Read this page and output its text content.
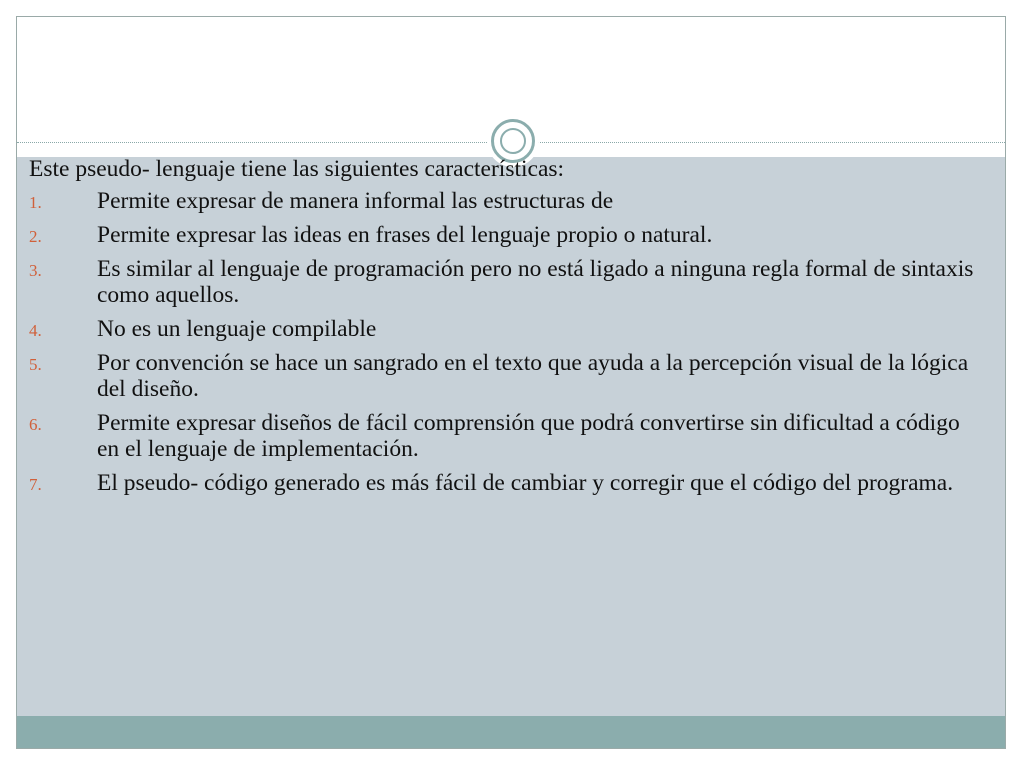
Este pseudo- lenguaje tiene las siguientes características:

1. Permite expresar de manera informal las estructuras de
2. Permite expresar las ideas en frases del lenguaje propio o natural.
3. Es similar al lenguaje de programación pero no está ligado a ninguna regla formal de sintaxis como aquellos.
4. No es un lenguaje compilable
5. Por convención se hace un sangrado en el texto que ayuda a la percepción visual de la lógica del diseño.
6. Permite expresar diseños de fácil comprensión que podrá convertirse sin dificultad a código en el lenguaje de implementación.
7. El pseudo- código generado es más fácil de cambiar y corregir que el código del programa.
